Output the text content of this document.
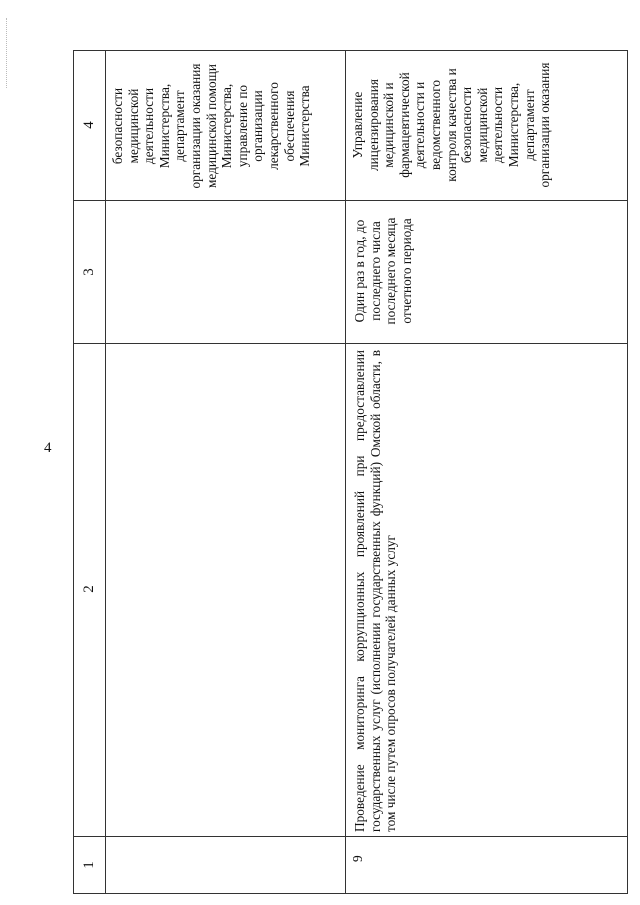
4
1
2
3
4 безопасности медицинской деятельности Министерства, департамент организации оказания медицинской помощи Министерства, управление по организации лекарственного обеспечения Министерства
9
Проведение мониторинга коррупционных проявлений при предоставлении государственных услуг (исполнении государственных функций) Омской области, в том числе путем опросов получателей данных услуг
Один раз в год, до последнего числа последнего месяца отчетного периода
Управление лицензирования медицинской и фармацевтической деятельности и ведомственного контроля качества и безопасности медицинской деятельности Министерства, департамент организации оказания
